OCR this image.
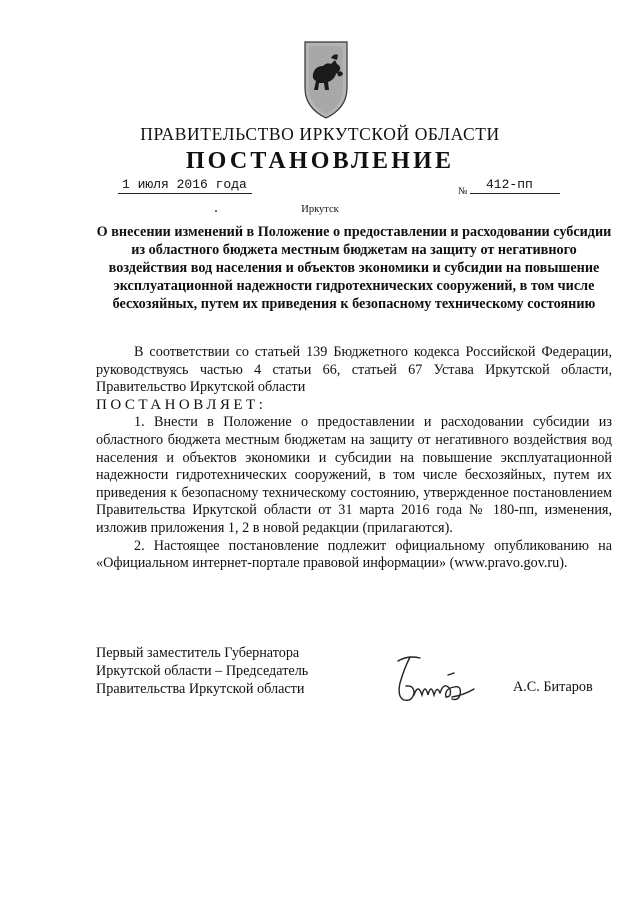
ПРАВИТЕЛЬСТВО ИРКУТСКОЙ ОБЛАСТИ
ПОСТАНОВЛЕНИЕ
1 июля 2016 года	№	412-пп
Иркутск
О внесении изменений в Положение о предоставлении и расходовании субсидии из областного бюджета местным бюджетам на защиту от негативного воздействия вод населения и объектов экономики и субсидии на повышение эксплуатационной надежности гидротехнических сооружений, в том числе бесхозяйных, путем их приведения к безопасному техническому состоянию

В соответствии со статьей 139 Бюджетного кодекса Российской Федерации, руководствуясь частью 4 статьи 66, статьей 67 Устава Иркутской области, Правительство Иркутской области

ПОСТАНОВЛЯЕТ:

1. Внести в Положение о предоставлении и расходовании субсидии из областного бюджета местным бюджетам на защиту от негативного воздействия вод населения и объектов экономики и субсидии на повышение эксплуатационной надежности гидротехнических сооружений, в том числе бесхозяйных, путем их приведения к безопасному техническому состоянию, утвержденное постановлением Правительства Иркутской области от 31 марта 2016 года № 180-пп, изменения, изложив приложения 1, 2 в новой редакции (прилагаются).

2. Настоящее постановление подлежит официальному опубликованию на «Официальном интернет-портале правовой информации» (www.pravo.gov.ru).

Первый заместитель Губернатора
Иркутской области – Председатель
Правительства Иркутской области	А.С. Битаров
